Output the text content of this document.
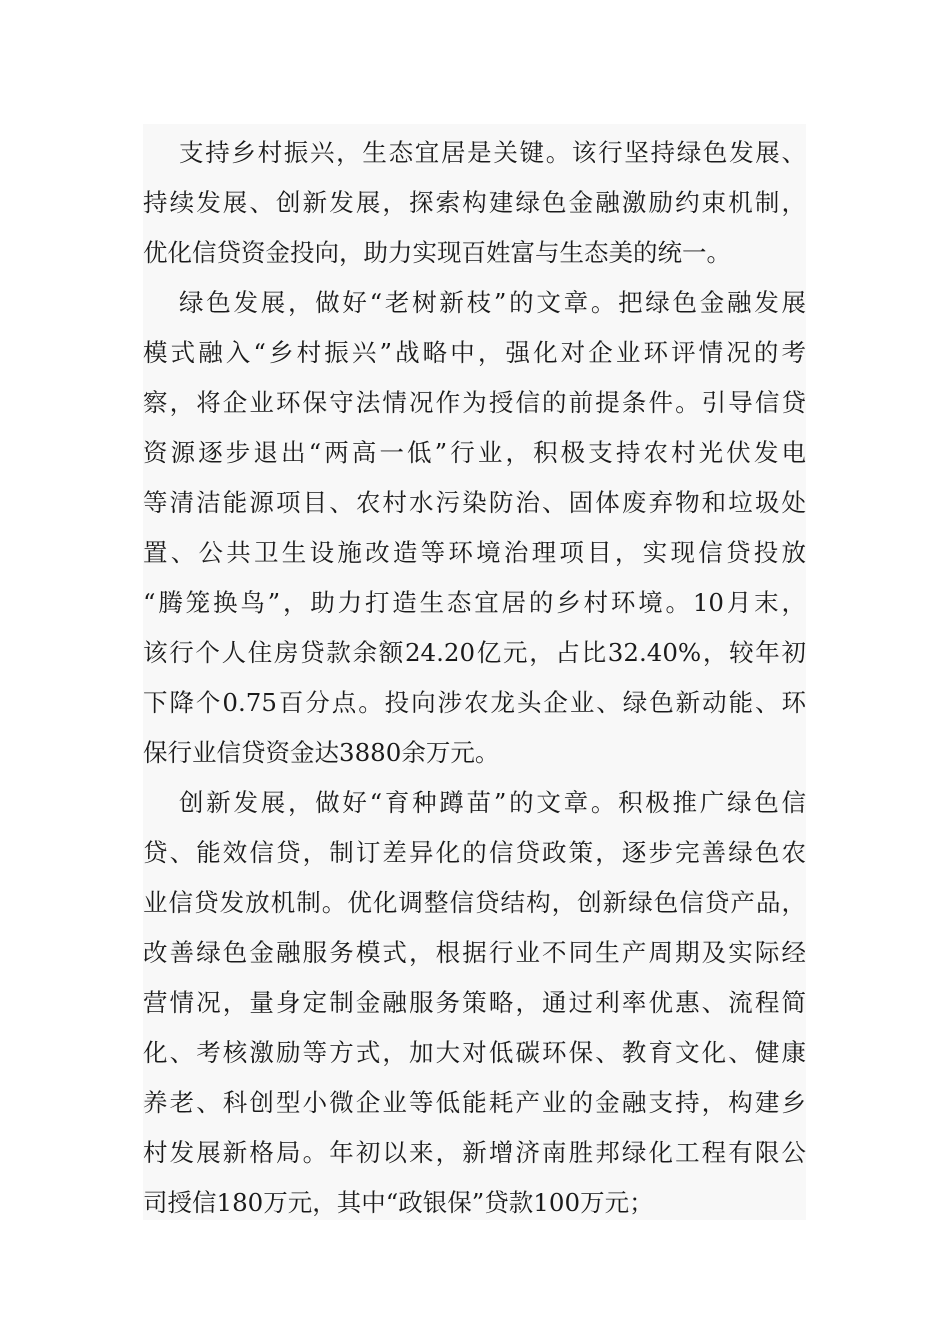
支持乡村振兴，生态宜居是关键。该行坚持绿色发展、
持续发展、创新发展，探索构建绿色金融激励约束机制，
优化信贷资金投向，助力实现百姓富与生态美的统一。
绿色发展，做好“老树新枝”的文章。把绿色金融发展
模式融入“乡村振兴”战略中，强化对企业环评情况的考
察，将企业环保守法情况作为授信的前提条件。引导信贷
资源逐步退出“两高一低”行业，积极支持农村光伏发电
等清洁能源项目、农村水污染防治、固体废弃物和垃圾处
置、公共卫生设施改造等环境治理项目，实现信贷投放
“腾笼换鸟”，助力打造生态宜居的乡村环境。10月末，
该行个人住房贷款余额24.20亿元，占比32.40%，较年初
下降个0.75百分点。投向涉农龙头企业、绿色新动能、环
保行业信贷资金达3880余万元。
创新发展，做好“育种蹲苗”的文章。积极推广绿色信
贷、能效信贷，制订差异化的信贷政策，逐步完善绿色农
业信贷发放机制。优化调整信贷结构，创新绿色信贷产品，
改善绿色金融服务模式，根据行业不同生产周期及实际经
营情况，量身定制金融服务策略，通过利率优惠、流程简
化、考核激励等方式，加大对低碳环保、教育文化、健康
养老、科创型小微企业等低能耗产业的金融支持，构建乡
村发展新格局。年初以来，新增济南胜邦绿化工程有限公
司授信180万元，其中“政银保”贷款100万元；
